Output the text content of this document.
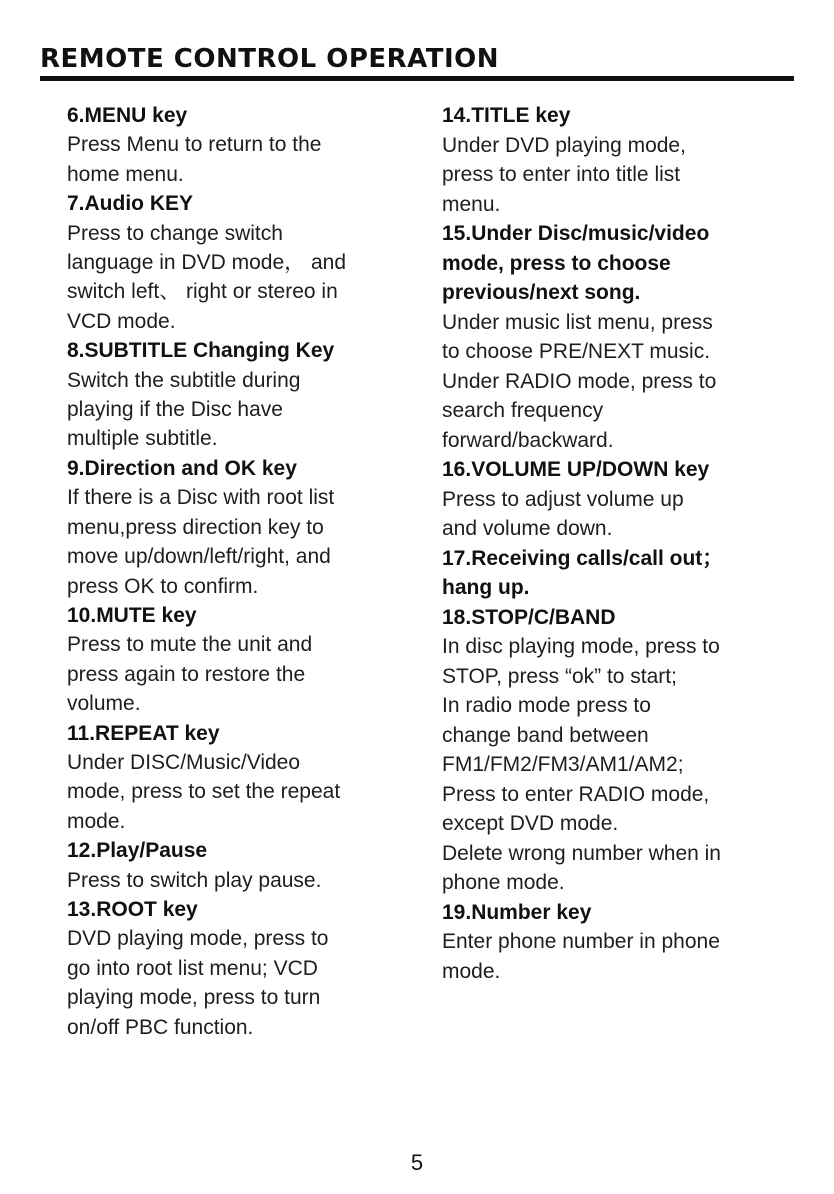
REMOTE CONTROL OPERATION
6.MENU key
Press Menu to return to the
home menu.
7.Audio KEY
Press to change switch
language in DVD mode， and
switch left、 right or stereo in
VCD mode.
8.SUBTITLE Changing Key
Switch the subtitle during
playing if the Disc have
multiple subtitle.
9.Direction and OK key
If there is a Disc with root list
menu,press direction key to
move up/down/left/right, and
press OK to confirm.
10.MUTE key
Press to mute the unit and
press again to restore the
volume.
11.REPEAT key
Under DISC/Music/Video
mode, press to set the repeat
mode.
12.Play/Pause
Press to switch play pause.
13.ROOT key
DVD playing mode, press to
go into root list menu; VCD
playing mode, press to turn
on/off PBC function.
14.TITLE key
Under DVD playing mode,
press to enter into title list
menu.
15.Under Disc/music/video
mode, press to choose
previous/next song.
Under music list menu, press
to choose PRE/NEXT music.
Under RADIO mode, press to
search frequency
forward/backward.
16.VOLUME UP/DOWN key
Press to adjust volume up
and volume down.
17.Receiving calls/call out；
hang up.
18.STOP/C/BAND
In disc playing mode, press to
STOP, press “ok” to start;
In radio mode press to
change band between
FM1/FM2/FM3/AM1/AM2;
Press to enter RADIO mode,
except DVD mode.
Delete wrong number when in
phone mode.
19.Number key
Enter phone number in phone
mode.
5
